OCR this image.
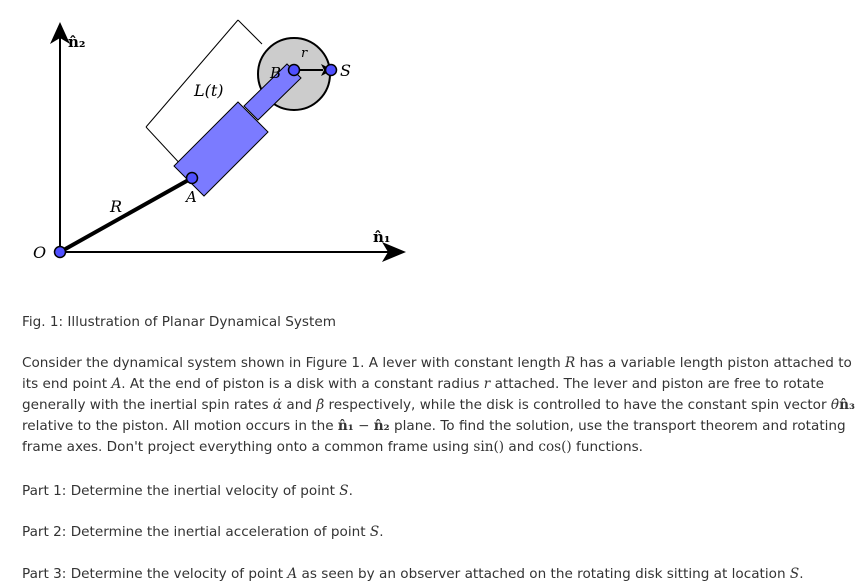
n̂₂
n̂₁
O
L(t)
r
R	A
B	S
Fig. 1: Illustration of Planar Dynamical System
Consider the dynamical system shown in Figure 1. A lever with constant length R has a variable length piston attached to its end point A. At the end of piston is a disk with a constant radius r attached. The lever and piston are free to rotate generally with the inertial spin rates α̇ and β̇ respectively, while the disk is controlled to have the constant spin vector θ̇n̂₃ relative to the piston. All motion occurs in the n̂₁ − n̂₂ plane. To find the solution, use the transport theorem and rotating frame axes. Don't project everything onto a common frame using sin() and cos() functions.
Part 1: Determine the inertial velocity of point S.
Part 2: Determine the inertial acceleration of point S.
Part 3: Determine the velocity of point A as seen by an observer attached on the rotating disk sitting at location S.
